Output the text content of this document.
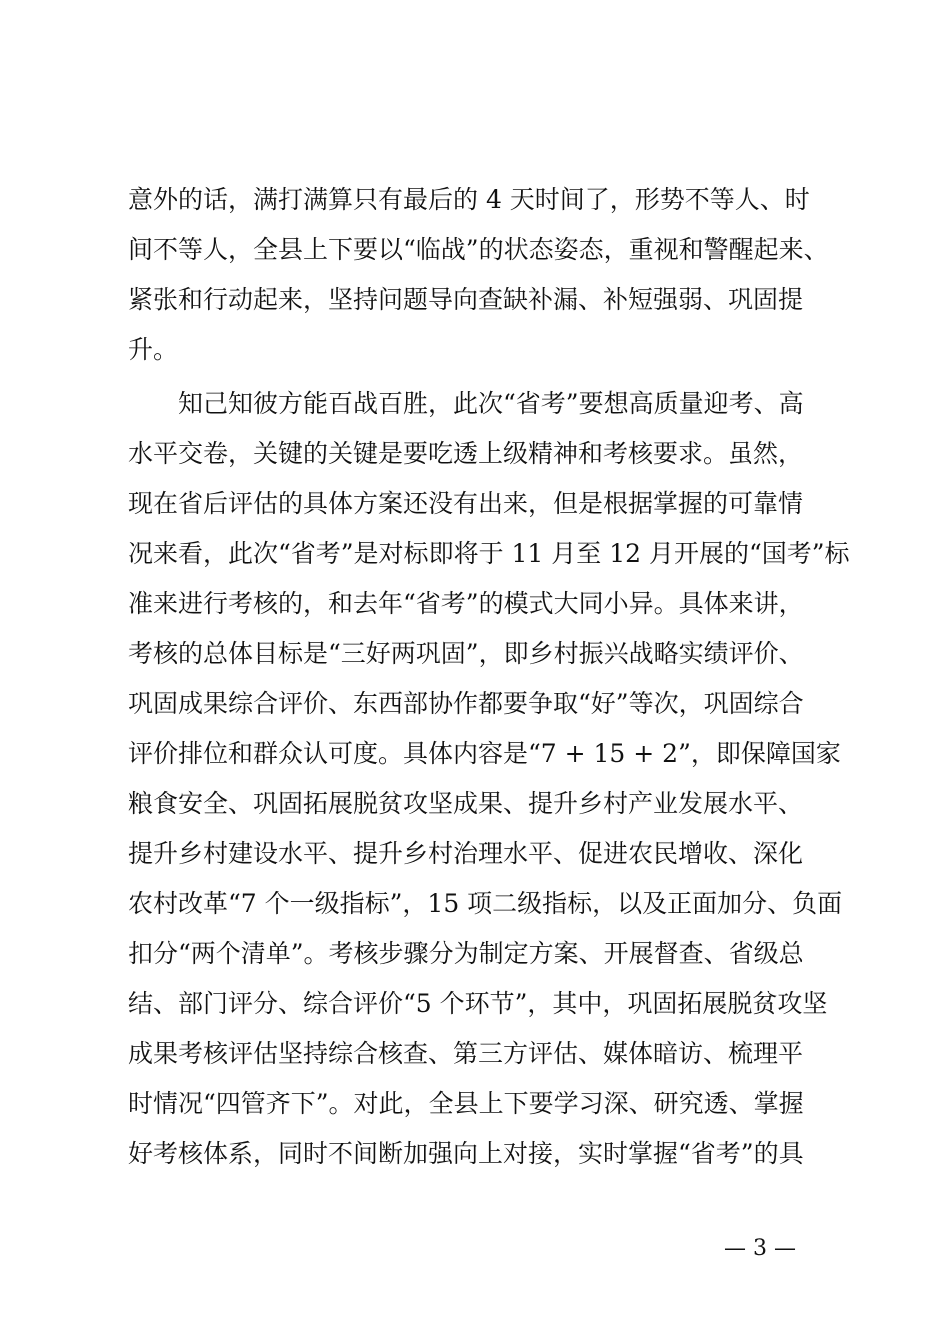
意外的话，满打满算只有最后的 4 天时间了，形势不等人、时
间不等人，全县上下要以“临战”的状态姿态，重视和警醒起来、
紧张和行动起来，坚持问题导向查缺补漏、补短强弱、巩固提
升。
知己知彼方能百战百胜，此次“省考”要想高质量迎考、高
水平交卷，关键的关键是要吃透上级精神和考核要求。虽然，
现在省后评估的具体方案还没有出来，但是根据掌握的可靠情
况来看，此次“省考”是对标即将于 11 月至 12 月开展的“国考”标
准来进行考核的，和去年“省考”的模式大同小异。具体来讲，
考核的总体目标是“三好两巩固”，即乡村振兴战略实绩评价、
巩固成果综合评价、东西部协作都要争取“好”等次，巩固综合
评价排位和群众认可度。具体内容是“7 + 15 + 2”，即保障国家
粮食安全、巩固拓展脱贫攻坚成果、提升乡村产业发展水平、
提升乡村建设水平、提升乡村治理水平、促进农民增收、深化
农村改革“7 个一级指标”，15 项二级指标，以及正面加分、负面
扣分“两个清单”。考核步骤分为制定方案、开展督查、省级总
结、部门评分、综合评价“5 个环节”，其中，巩固拓展脱贫攻坚
成果考核评估坚持综合核查、第三方评估、媒体暗访、梳理平
时情况“四管齐下”。对此，全县上下要学习深、研究透、掌握
好考核体系，同时不间断加强向上对接，实时掌握“省考”的具
— 3 —
